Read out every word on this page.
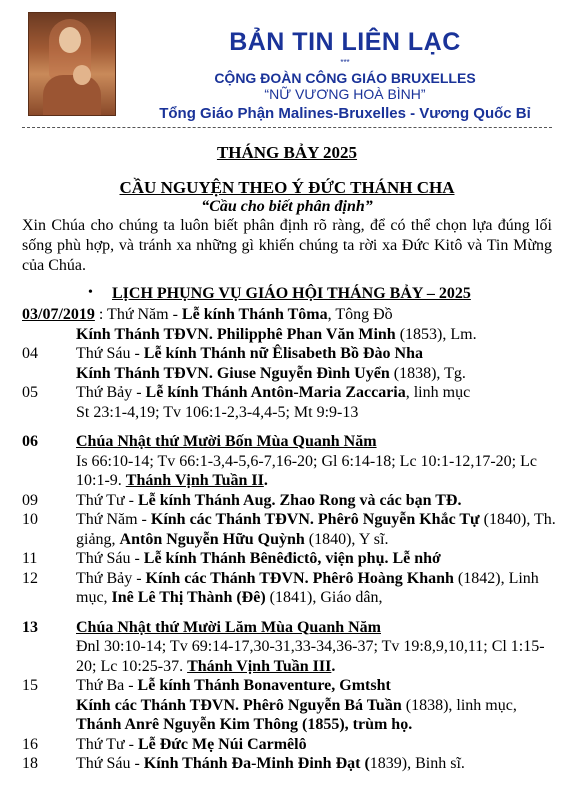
BẢN TIN LIÊN LẠC
***
CỘNG ĐOÀN CÔNG GIÁO BRUXELLES
“NỮ VƯƠNG HOÀ BÌNH”
Tổng Giáo Phận Malines-Bruxelles - Vương Quốc Bỉ
THÁNG BẢY 2025
CẦU NGUYỆN THEO Ý ĐỨC THÁNH CHA
“Cầu cho biết phân định”
Xin Chúa cho chúng ta luôn biết phân định rõ ràng, để có thể chọn lựa đúng lối sống phù hợp, và tránh xa những gì khiến chúng ta rời xa Đức Kitô và Tin Mừng của Chúa.
• LỊCH PHỤNG VỤ GIÁO HỘI THÁNG BẢY – 2025
03/07/2019 : Thứ Năm - Lễ kính Thánh Tôma, Tông Đồ
Kính Thánh TĐVN. Philipphê Phan Văn Minh (1853), Lm.
04	Thứ Sáu - Lễ kính Thánh nữ Êlisabeth Bồ Đào Nha
Kính Thánh TĐVN. Giuse Nguyễn Đình Uyển (1838), Tg.
05	Thứ Bảy - Lễ kính Thánh Antôn-Maria Zaccaria, linh mục
St 23:1-4,19; Tv 106:1-2,3-4,4-5; Mt 9:9-13
06	Chúa Nhật thứ Mười Bốn Mùa Quanh Năm
Is 66:10-14; Tv 66:1-3,4-5,6-7,16-20; Gl 6:14-18; Lc 10:1-12,17-20; Lc 10:1-9. Thánh Vịnh Tuần II.
09	Thứ Tư - Lễ kính Thánh Aug. Zhao Rong và các bạn TĐ.
10	Thứ Năm - Kính các Thánh TĐVN. Phêrô Nguyễn Khắc Tự (1840), Th. giảng, Antôn Nguyễn Hữu Quỳnh (1840), Y sĩ.
11	Thứ Sáu - Lễ kính Thánh Bênêđictô, viện phụ. Lễ nhớ
12	Thứ Bảy - Kính các Thánh TĐVN. Phêrô Hoàng Khanh (1842), Linh mục, Inê Lê Thị Thành (Đê) (1841), Giáo dân,
13	Chúa Nhật thứ Mười Lăm Mùa Quanh Năm
Đnl 30:10-14; Tv 69:14-17,30-31,33-34,36-37; Tv 19:8,9,10,11; Cl 1:15-20; Lc 10:25-37. Thánh Vịnh Tuần III.
15	Thứ Ba - Lễ kính Thánh Bonaventure, Gmtsht
Kính các Thánh TĐVN. Phêrô Nguyễn Bá Tuần (1838), linh mục, Thánh Anrê Nguyễn Kim Thông (1855), trùm họ.
16	Thứ Tư - Lễ Đức Mẹ Núi Carmêlô
18	Thứ Sáu - Kính Thánh Đa-Minh Đinh Đạt (1839), Binh sĩ.
